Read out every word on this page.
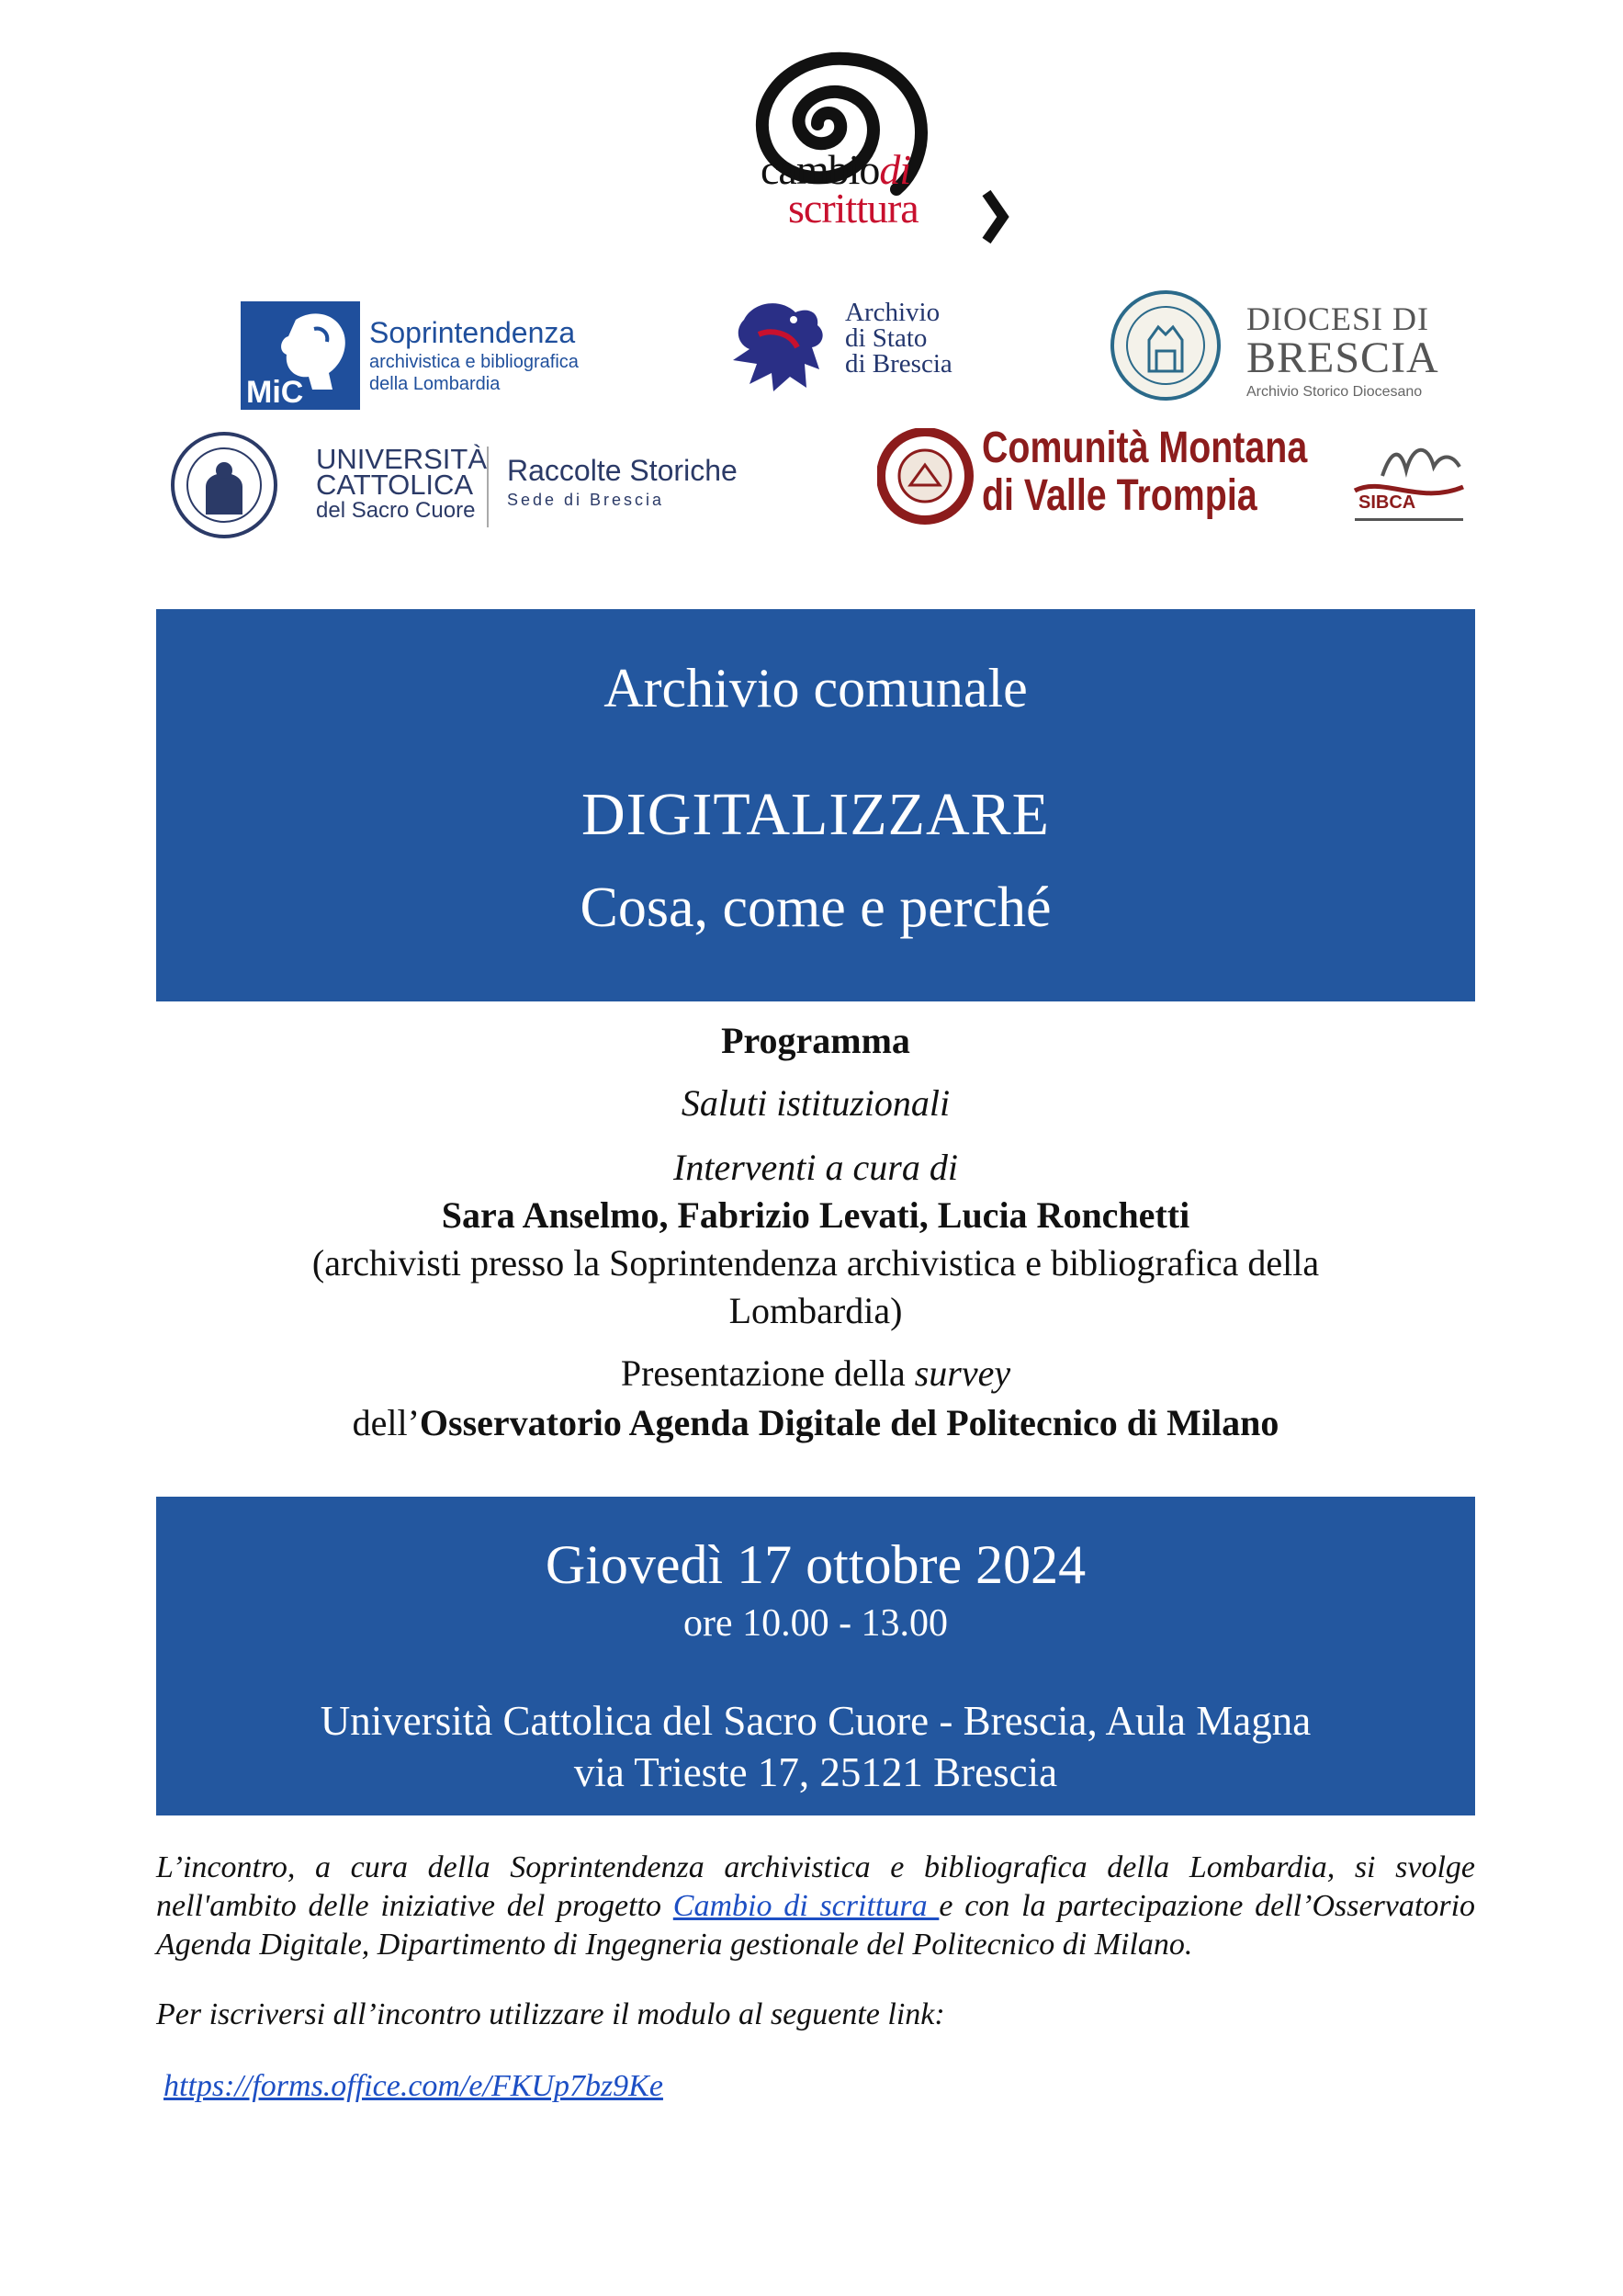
cambiodi
scrittura
MiC
Soprintendenza
archivistica e bibliografica
della Lombardia
Archivio
di Stato
di Brescia
DIOCESI DI
BRESCIA
Archivio Storico Diocesano
UNIVERSITÀ
CATTOLICA
del Sacro Cuore
Raccolte Storiche
Sede di Brescia
Comunità Montana
di Valle Trompia	SIBCA
Archivio comunale
DIGITALIZZARE
Cosa, come e perché
Programma
Saluti istituzionali
Interventi a cura di
Sara Anselmo, Fabrizio Levati, Lucia Ronchetti
(archivisti presso la Soprintendenza archivistica e bibliografica della
Lombardia)
Presentazione della survey
dell’Osservatorio Agenda Digitale del Politecnico di Milano
Giovedì 17 ottobre 2024
ore 10.00 - 13.00
Università Cattolica del Sacro Cuore - Brescia, Aula Magna
via Trieste 17, 25121 Brescia
L’incontro, a cura della Soprintendenza archivistica e bibliografica della Lombardia, si svolge nell'ambito delle iniziative del progetto Cambio di scrittura e con la partecipazione dell’Osservatorio Agenda Digitale, Dipartimento di Ingegneria gestionale del Politecnico di Milano.
Per iscriversi all’incontro utilizzare il modulo al seguente link:
https://forms.office.com/e/FKUp7bz9Ke
